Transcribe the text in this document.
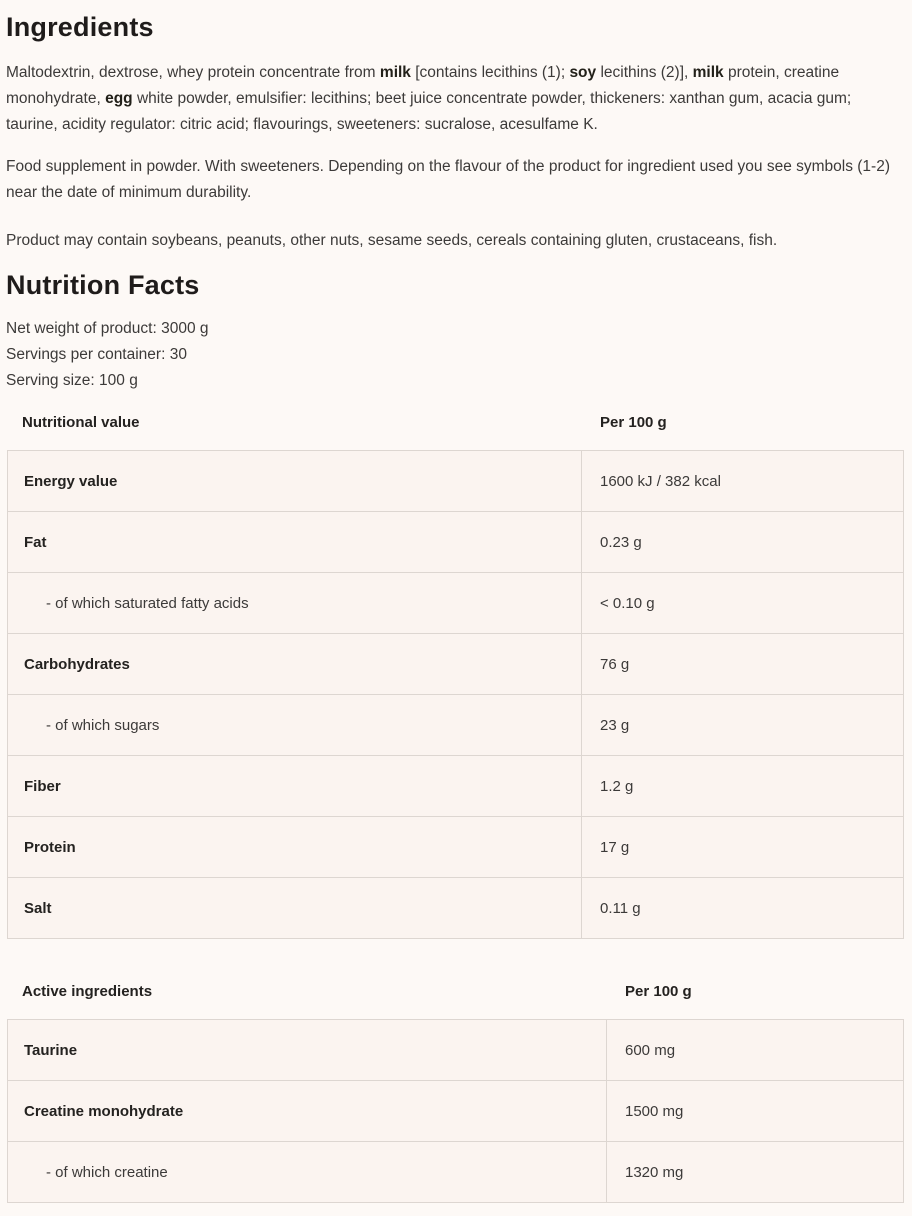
Ingredients

Maltodextrin, dextrose, whey protein concentrate from milk [contains lecithins (1); soy lecithins (2)], milk protein, creatine monohydrate, egg white powder, emulsifier: lecithins; beet juice concentrate powder, thickeners: xanthan gum, acacia gum; taurine, acidity regulator: citric acid; flavourings, sweeteners: sucralose, acesulfame K.

Food supplement in powder. With sweeteners. Depending on the flavour of the product for ingredient used you see symbols (1-2) near the date of minimum durability.

Product may contain soybeans, peanuts, other nuts, sesame seeds, cereals containing gluten, crustaceans, fish.

Nutrition Facts
Net weight of product: 3000 g
Servings per container: 30
Serving size: 100 g
Nutritional value	Per 100 g
Energy value	1600 kJ / 382 kcal
Fat	0.23 g
- of which saturated fatty acids	< 0.10 g
Carbohydrates	76 g
- of which sugars	23 g
Fiber	1.2 g
Protein	17 g
Salt	0.11 g
Active ingredients	Per 100 g
Taurine	600 mg
Creatine monohydrate	1500 mg
- of which creatine	1320 mg
